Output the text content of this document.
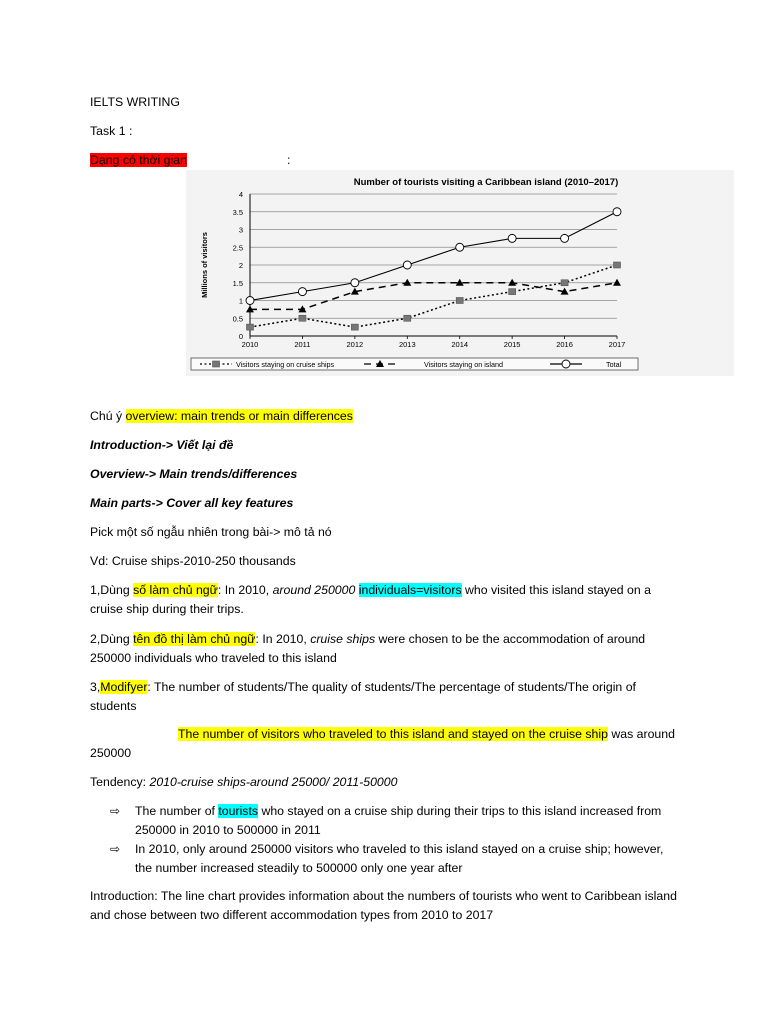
IELTS WRITING

Task 1 :

Dạng có thời gian	:

Number of tourists visiting a Caribbean island (2010–2017)
Millions of visitors
0
0.5
1
1.5
2
2.5
3
3.5
4
2010	2011	2012	2013	2014	2015	2016	2017
Visitors staying on cruise ships	Visitors staying on island	Total

Chú ý overview: main trends or main differences

Introduction-> Viết lại đề

Overview-> Main trends/differences

Main parts-> Cover all key features

Pick một số ngẫu nhiên trong bài-> mô tả nó

Vd: Cruise ships-2010-250 thousands

1,Dùng số làm chủ ngữ: In 2010, around 250000 individuals=visitors who visited this island stayed on a cruise ship during their trips.

2,Dùng tên đồ thị làm chủ ngữ: In 2010, cruise ships were chosen to be the accommodation of around 250000 individuals who traveled to this island

3,Modifyer: The number of students/The quality of students/The percentage of students/The origin of students

The number of visitors who traveled to this island and stayed on the cruise ship was around 250000

Tendency: 2010-cruise ships-around 25000/ 2011-50000

⇨ The number of tourists who stayed on a cruise ship during their trips to this island increased from 250000 in 2010 to 500000 in 2011
⇨ In 2010, only around 250000 visitors who traveled to this island stayed on a cruise ship; however, the number increased steadily to 500000 only one year after

Introduction: The line chart provides information about the numbers of tourists who went to Caribbean island and chose between two different accommodation types from 2010 to 2017
